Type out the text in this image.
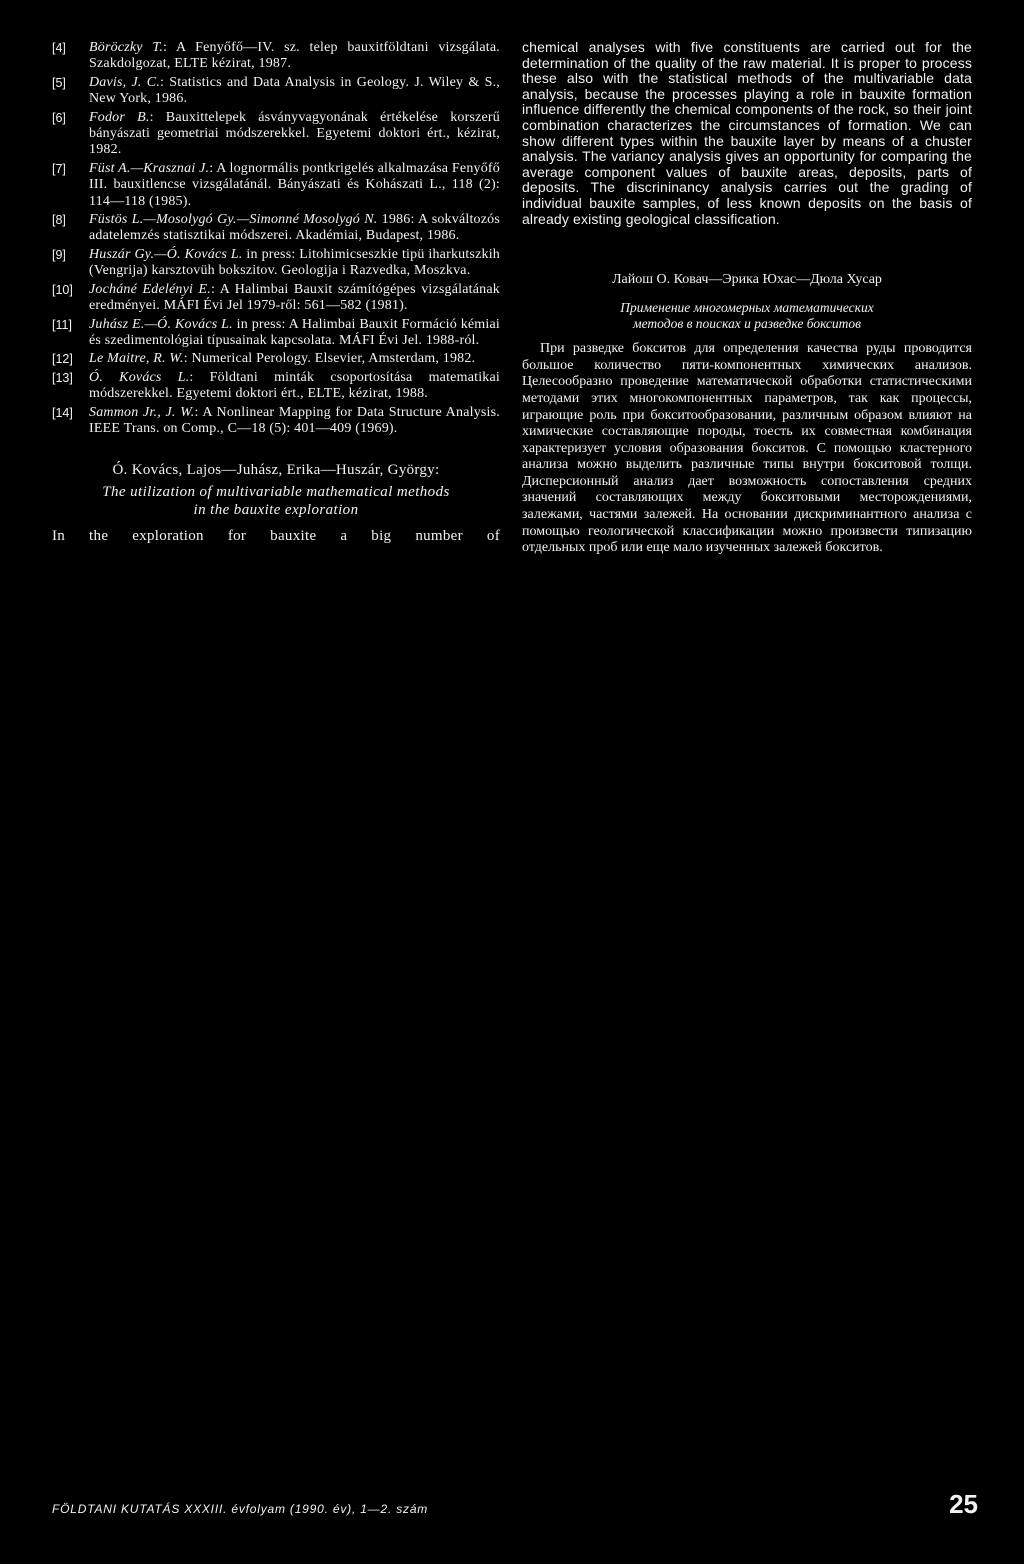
[4]	Böröczky T.: A Fenyőfő—IV. sz. telep bauxitföldtani vizsgálata. Szakdolgozat, ELTE kézirat, 1987.
[5]	Davis, J. C.: Statistics and Data Analysis in Geology. J. Wiley & S., New York, 1986.
[6]	Fodor B.: Bauxittelepek ásványvagyonának értékelése korszerű bányászati geometriai módszerekkel. Egyetemi doktori ért., kézirat, 1982.
[7]	Füst A.—Krasznai J.: A lognormális pontkrigelés alkalmazása Fenyőfő III. bauxitlencse vizsgálatánál. Bányászati és Kohászati L., 118 (2): 114—118 (1985).
[8]	Füstös L.—Mosolygó Gy.—Simonné Mosolygó N. 1986: A sokváltozós adatelemzés statisztikai módszerei. Akadémiai, Budapest, 1986.
[9]	Huszár Gy.—Ó. Kovács L. in press: Litohimicseszkie tipü iharkutszkih (Vengrija) karsztovüh bokszitov. Geologija i Razvedka, Moszkva.
[10]	Jocháné Edelényi E.: A Halimbai Bauxit számítógépes vizsgálatának eredményei. MÁFI Évi Jel 1979-ről: 561—582 (1981).
[11]	Juhász E.—Ó. Kovács L. in press: A Halimbai Bauxit Formáció kémiai és szedimentológiai típusainak kapcsolata. MÁFI Évi Jel. 1988-ról.
[12]	Le Maitre, R. W.: Numerical Perology. Elsevier, Amsterdam, 1982.
[13]	Ó. Kovács L.: Földtani minták csoportosítása matematikai módszerekkel. Egyetemi doktori ért., ELTE, kézirat, 1988.
[14]	Sammon Jr., J. W.: A Nonlinear Mapping for Data Structure Analysis. IEEE Trans. on Comp., C—18 (5): 401—409 (1969).
Ó. Kovács, Lajos—Juhász, Erika—Huszár, György:
The utilization of multivariable mathematical methods
in the bauxite exploration
In the exploration for bauxite a big number of
chemical analyses with five constituents are carried out for the determination of the quality of the raw material. It is proper to process these also with the statistical methods of the multivariable data analysis, because the processes playing a role in bauxite formation influence differently the chemical components of the rock, so their joint combination characterizes the circumstances of formation. We can show different types within the bauxite layer by means of a chuster analysis. The variancy analysis gives an opportunity for comparing the average component values of bauxite areas, deposits, parts of deposits. The discrininancy analysis carries out the grading of individual bauxite samples, of less known deposits on the basis of already existing geological classification.
Лайош О. Ковач—Эрика Юхас—Дюла Хусар
Применение многомерных математических
методов в поисках и разведке бокситов
При разведке бокситов для определения качества руды проводится большое количество пяти-компонентных химических анализов. Целесообразно проведение математической обработки статистическими методами этих многокомпонентных параметров, так как процессы, играющие роль при бокситообразовании, различным образом влияют на химические составляющие породы, тоесть их совместная комбинация характеризует условия образования бокситов. С помощью кластерного анализа можно выделить различные типы внутри бокситовой толщи. Дисперсионный анализ дает возможность сопоставления средних значений составляющих между бокситовыми месторождениями, залежами, частями залежей. На основании дискриминантного анализа с помощью геологической классификации можно произвести типизацию отдельных проб или еще мало изученных залежей бокситов.
FÖLDTANI KUTATÁS XXXIII. évfolyam (1990. év), 1—2. szám	25
